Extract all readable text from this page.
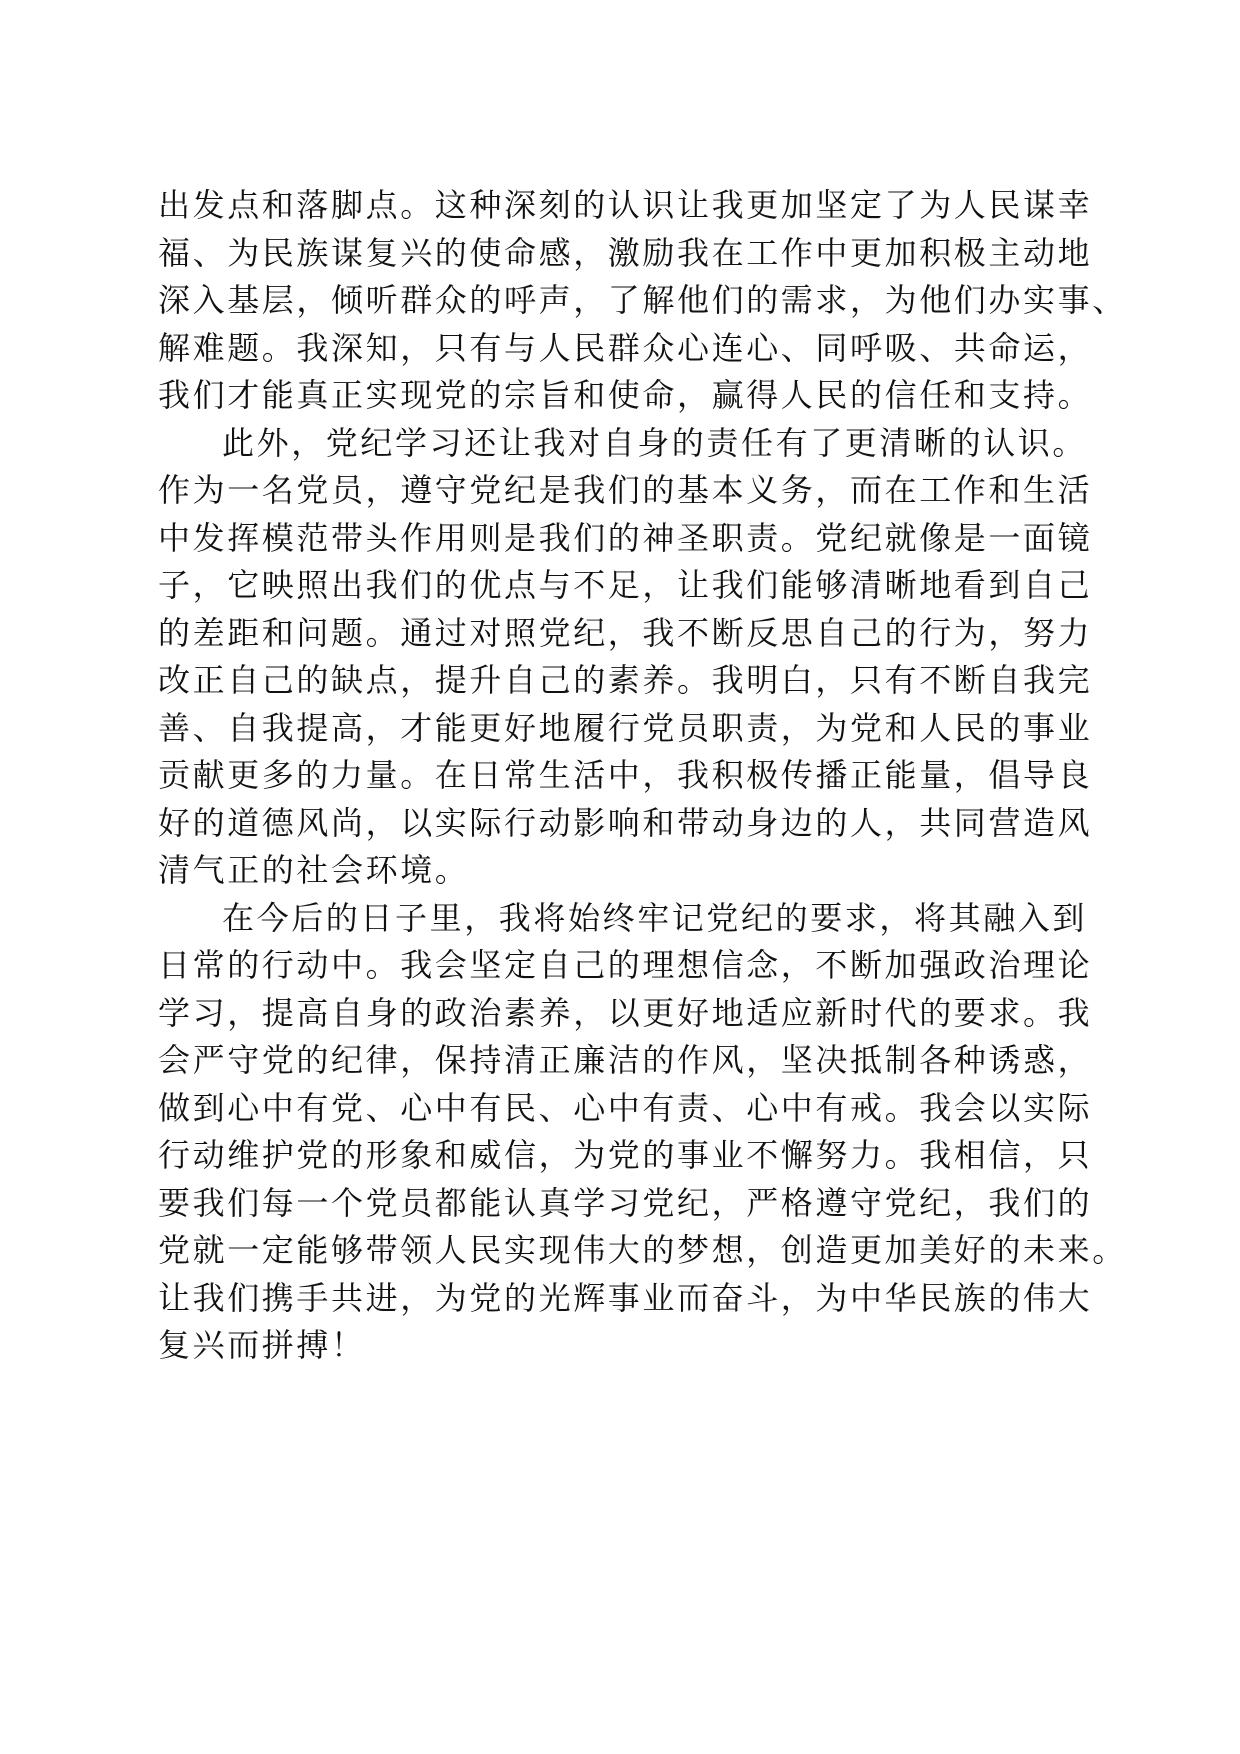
出发点和落脚点。这种深刻的认识让我更加坚定了为人民谋幸
福、为民族谋复兴的使命感，激励我在工作中更加积极主动地
深入基层，倾听群众的呼声，了解他们的需求，为他们办实事、
解难题。我深知，只有与人民群众心连心、同呼吸、共命运，
我们才能真正实现党的宗旨和使命，赢得人民的信任和支持。
此外，党纪学习还让我对自身的责任有了更清晰的认识。
作为一名党员，遵守党纪是我们的基本义务，而在工作和生活
中发挥模范带头作用则是我们的神圣职责。党纪就像是一面镜
子，它映照出我们的优点与不足，让我们能够清晰地看到自己
的差距和问题。通过对照党纪，我不断反思自己的行为，努力
改正自己的缺点，提升自己的素养。我明白，只有不断自我完
善、自我提高，才能更好地履行党员职责，为党和人民的事业
贡献更多的力量。在日常生活中，我积极传播正能量，倡导良
好的道德风尚，以实际行动影响和带动身边的人，共同营造风
清气正的社会环境。
在今后的日子里，我将始终牢记党纪的要求，将其融入到
日常的行动中。我会坚定自己的理想信念，不断加强政治理论
学习，提高自身的政治素养，以更好地适应新时代的要求。我
会严守党的纪律，保持清正廉洁的作风，坚决抵制各种诱惑，
做到心中有党、心中有民、心中有责、心中有戒。我会以实际
行动维护党的形象和威信，为党的事业不懈努力。我相信，只
要我们每一个党员都能认真学习党纪，严格遵守党纪，我们的
党就一定能够带领人民实现伟大的梦想，创造更加美好的未来。
让我们携手共进，为党的光辉事业而奋斗，为中华民族的伟大
复兴而拼搏！
